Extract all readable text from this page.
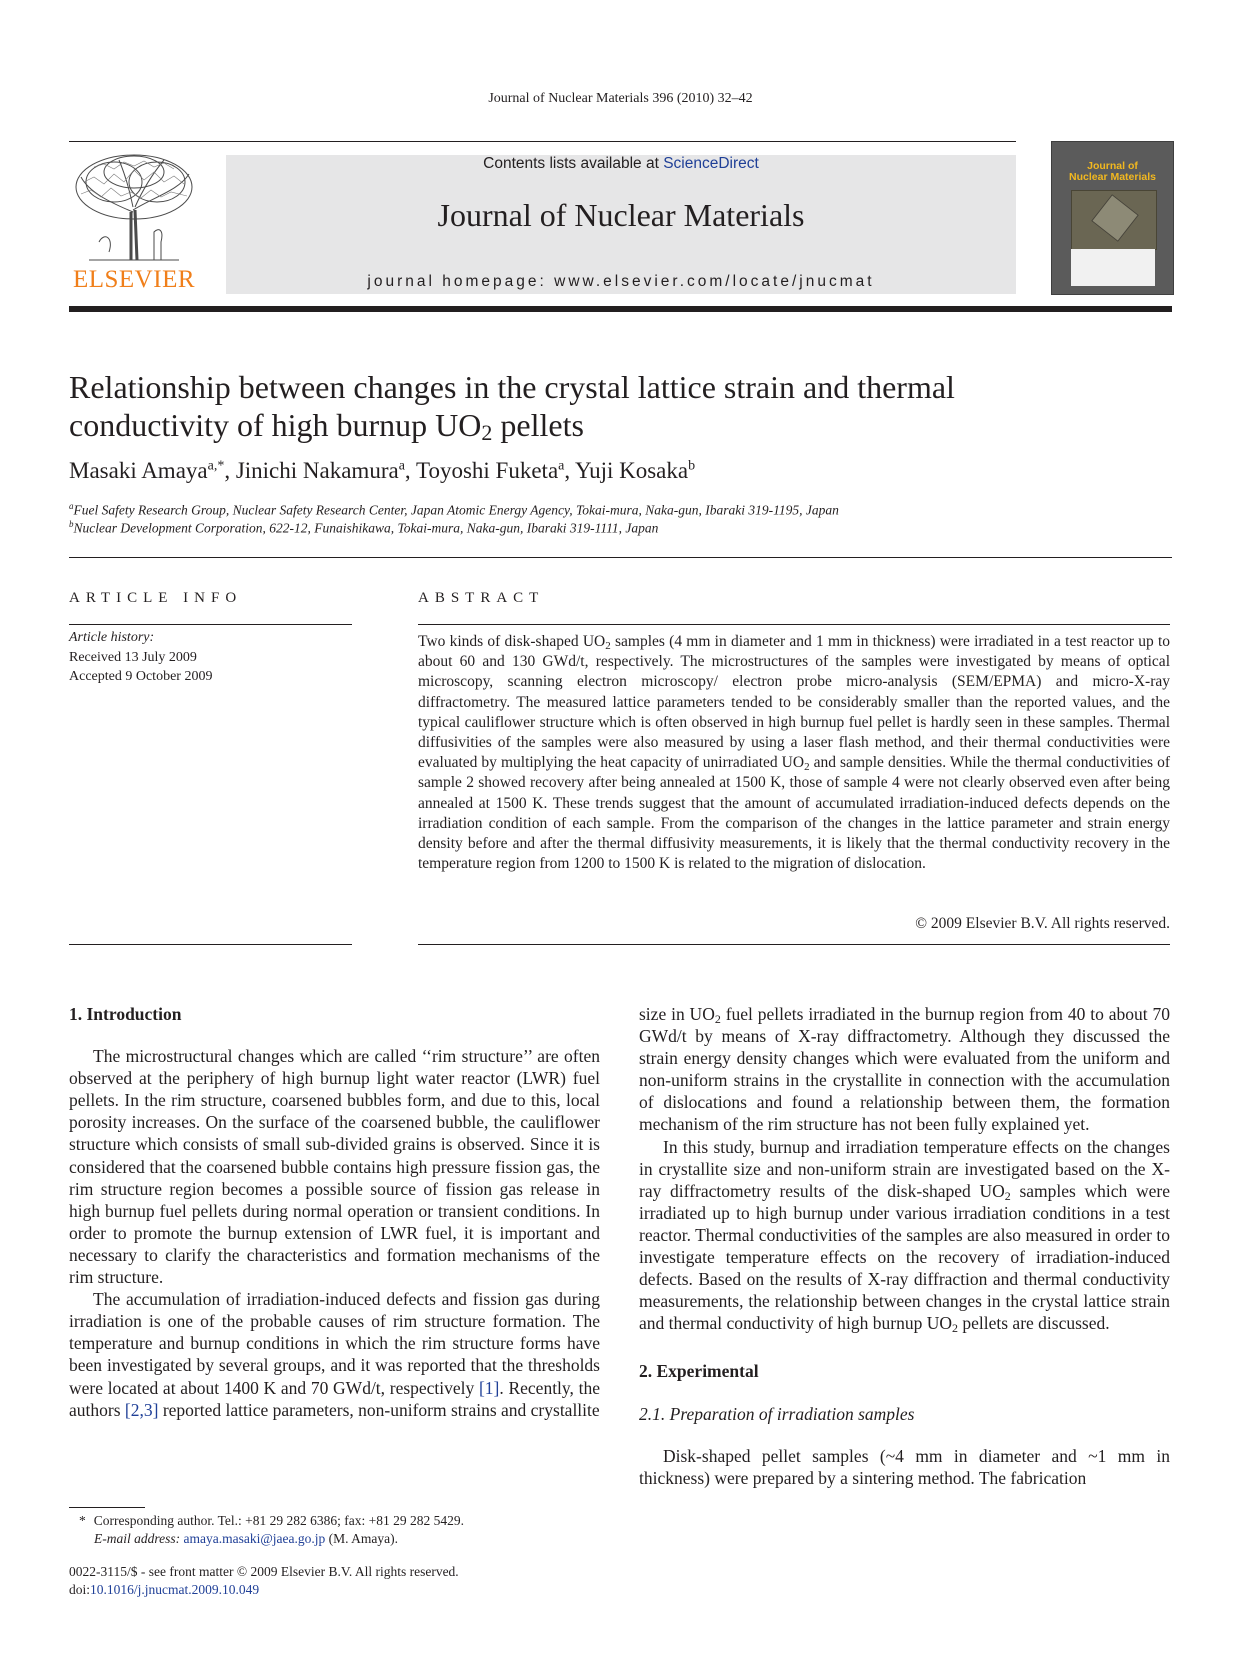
Journal of Nuclear Materials 396 (2010) 32–42
ELSEVIER
Contents lists available at ScienceDirect
Journal of Nuclear Materials
journal homepage: www.elsevier.com/locate/jnucmat
Journal of
Nuclear Materials
Relationship between changes in the crystal lattice strain and thermal
conductivity of high burnup $UO_2$ pellets
Masaki Amaya$^{a,*}$, Jinichi Nakamura$^a$, Toyoshi Fuketa$^a$, Yuji Kosaka$^b$
$^a$Fuel Safety Research Group, Nuclear Safety Research Center, Japan Atomic Energy Agency, Tokai-mura, Naka-gun, Ibaraki 319-1195, Japan
$^b$Nuclear Development Corporation, 622-12, Funaishikawa, Tokai-mura, Naka-gun, Ibaraki 319-1111, Japan
ARTICLE INFO
Article history:
Received 13 July 2009
Accepted 9 October 2009
ABSTRACT
Two kinds of disk-shaped $UO_2$ samples (4 mm in diameter and 1 mm in thickness) were irradiated in a test reactor up to about 60 and 130 GWd/t, respectively. The microstructures of the samples were investigated by means of optical microscopy, scanning electron microscopy/ electron probe micro-analysis (SEM/EPMA) and micro-X-ray diffractometry. The measured lattice parameters tended to be considerably smaller than the reported values, and the typical cauliflower structure which is often observed in high burnup fuel pellet is hardly seen in these samples. Thermal diffusivities of the samples were also measured by using a laser flash method, and their thermal conductivities were evaluated by multiplying the heat capacity of unirradiated $UO_2$ and sample densities. While the thermal conductivities of sample 2 showed recovery after being annealed at 1500 K, those of sample 4 were not clearly observed even after being annealed at 1500 K. These trends suggest that the amount of accumulated irradiation-induced defects depends on the irradiation condition of each sample. From the comparison of the changes in the lattice parameter and strain energy density before and after the thermal diffusivity measurements, it is likely that the thermal conductivity recovery in the temperature region from 1200 to 1500 K is related to the migration of dislocation.
© 2009 Elsevier B.V. All rights reserved.
1. Introduction

The microstructural changes which are called ‘‘rim structure’’ are often observed at the periphery of high burnup light water reactor (LWR) fuel pellets. In the rim structure, coarsened bubbles form, and due to this, local porosity increases. On the surface of the coarsened bubble, the cauliflower structure which consists of small sub-divided grains is observed. Since it is considered that the coarsened bubble contains high pressure fission gas, the rim structure region becomes a possible source of fission gas release in high burnup fuel pellets during normal operation or transient conditions. In order to promote the burnup extension of LWR fuel, it is important and necessary to clarify the characteristics and formation mechanisms of the rim structure.

The accumulation of irradiation-induced defects and fission gas during irradiation is one of the probable causes of rim structure formation. The temperature and burnup conditions in which the rim structure forms have been investigated by several groups, and it was reported that the thresholds were located at about 1400 K and 70 GWd/t, respectively [1]. Recently, the authors [2,3] reported lattice parameters, non-uniform strains and crystallite

size in $UO_2$ fuel pellets irradiated in the burnup region from 40 to about 70 GWd/t by means of X-ray diffractometry. Although they discussed the strain energy density changes which were evaluated from the uniform and non-uniform strains in the crystallite in connection with the accumulation of dislocations and found a relationship between them, the formation mechanism of the rim structure has not been fully explained yet.

In this study, burnup and irradiation temperature effects on the changes in crystallite size and non-uniform strain are investigated based on the X-ray diffractometry results of the disk-shaped $UO_2$ samples which were irradiated up to high burnup under various irradiation conditions in a test reactor. Thermal conductivities of the samples are also measured in order to investigate temperature effects on the recovery of irradiation-induced defects. Based on the results of X-ray diffraction and thermal conductivity measurements, the relationship between changes in the crystal lattice strain and thermal conductivity of high burnup $UO_2$ pellets are discussed.

2. Experimental
2.1. Preparation of irradiation samples

Disk-shaped pellet samples (~4 mm in diameter and ~1 mm in thickness) were prepared by a sintering method. The fabrication

* Corresponding author. Tel.: +81 29 282 6386; fax: +81 29 282 5429.
E-mail address: amaya.masaki@jaea.go.jp (M. Amaya).
0022-3115/$ - see front matter © 2009 Elsevier B.V. All rights reserved.
doi:10.1016/j.jnucmat.2009.10.049
